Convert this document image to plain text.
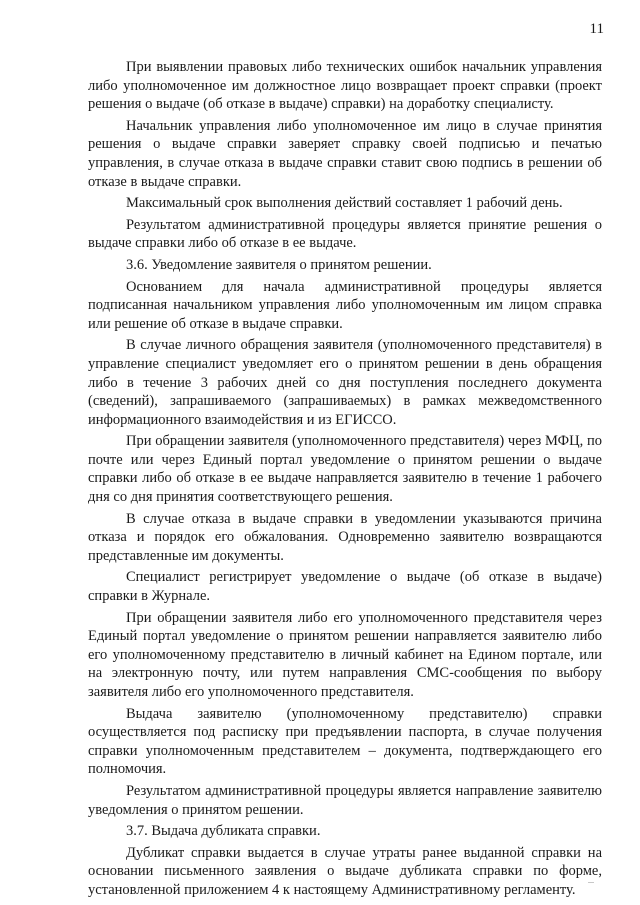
11

При выявлении правовых либо технических ошибок начальник управления либо уполномоченное им должностное лицо возвращает проект справки (проект решения о выдаче (об отказе в выдаче) справки) на доработку специалисту.

Начальник управления либо уполномоченное им лицо в случае принятия решения о выдаче справки заверяет справку своей подписью и печатью управления, в случае отказа в выдаче справки ставит свою подпись в решении об отказе в выдаче справки.

Максимальный срок выполнения действий составляет 1 рабочий день.

Результатом административной процедуры является принятие решения о выдаче справки либо об отказе в ее выдаче.

3.6. Уведомление заявителя о принятом решении.

Основанием для начала административной процедуры является подписанная начальником управления либо уполномоченным им лицом справка или решение об отказе в выдаче справки.

В случае личного обращения заявителя (уполномоченного представителя) в управление специалист уведомляет его о принятом решении в день обращения либо в течение 3 рабочих дней со дня поступления последнего документа (сведений), запрашиваемого (запрашиваемых) в рамках межведомственного информационного взаимодействия и из ЕГИССО.

При обращении заявителя (уполномоченного представителя) через МФЦ, по почте или через Единый портал уведомление о принятом решении о выдаче справки либо об отказе в ее выдаче направляется заявителю в течение 1 рабочего дня со дня принятия соответствующего решения.

В случае отказа в выдаче справки в уведомлении указываются причина отказа и порядок его обжалования. Одновременно заявителю возвращаются представленные им документы.

Специалист регистрирует уведомление о выдаче (об отказе в выдаче) справки в Журнале.

При обращении заявителя либо его уполномоченного представителя через Единый портал уведомление о принятом решении направляется заявителю либо его уполномоченному представителю в личный кабинет на Едином портале, или на электронную почту, или путем направления СМС-сообщения по выбору заявителя либо его уполномоченного представителя.

Выдача заявителю (уполномоченному представителю) справки осуществляется под расписку при предъявлении паспорта, в случае получения справки уполномоченным представителем – документа, подтверждающего его полномочия.

Результатом административной процедуры является направление заявителю уведомления о принятом решении.

3.7. Выдача дубликата справки.

Дубликат справки выдается в случае утраты ранее выданной справки на основании письменного заявления о выдаче дубликата справки по форме, установленной приложением 4 к настоящему Административному регламенту.
